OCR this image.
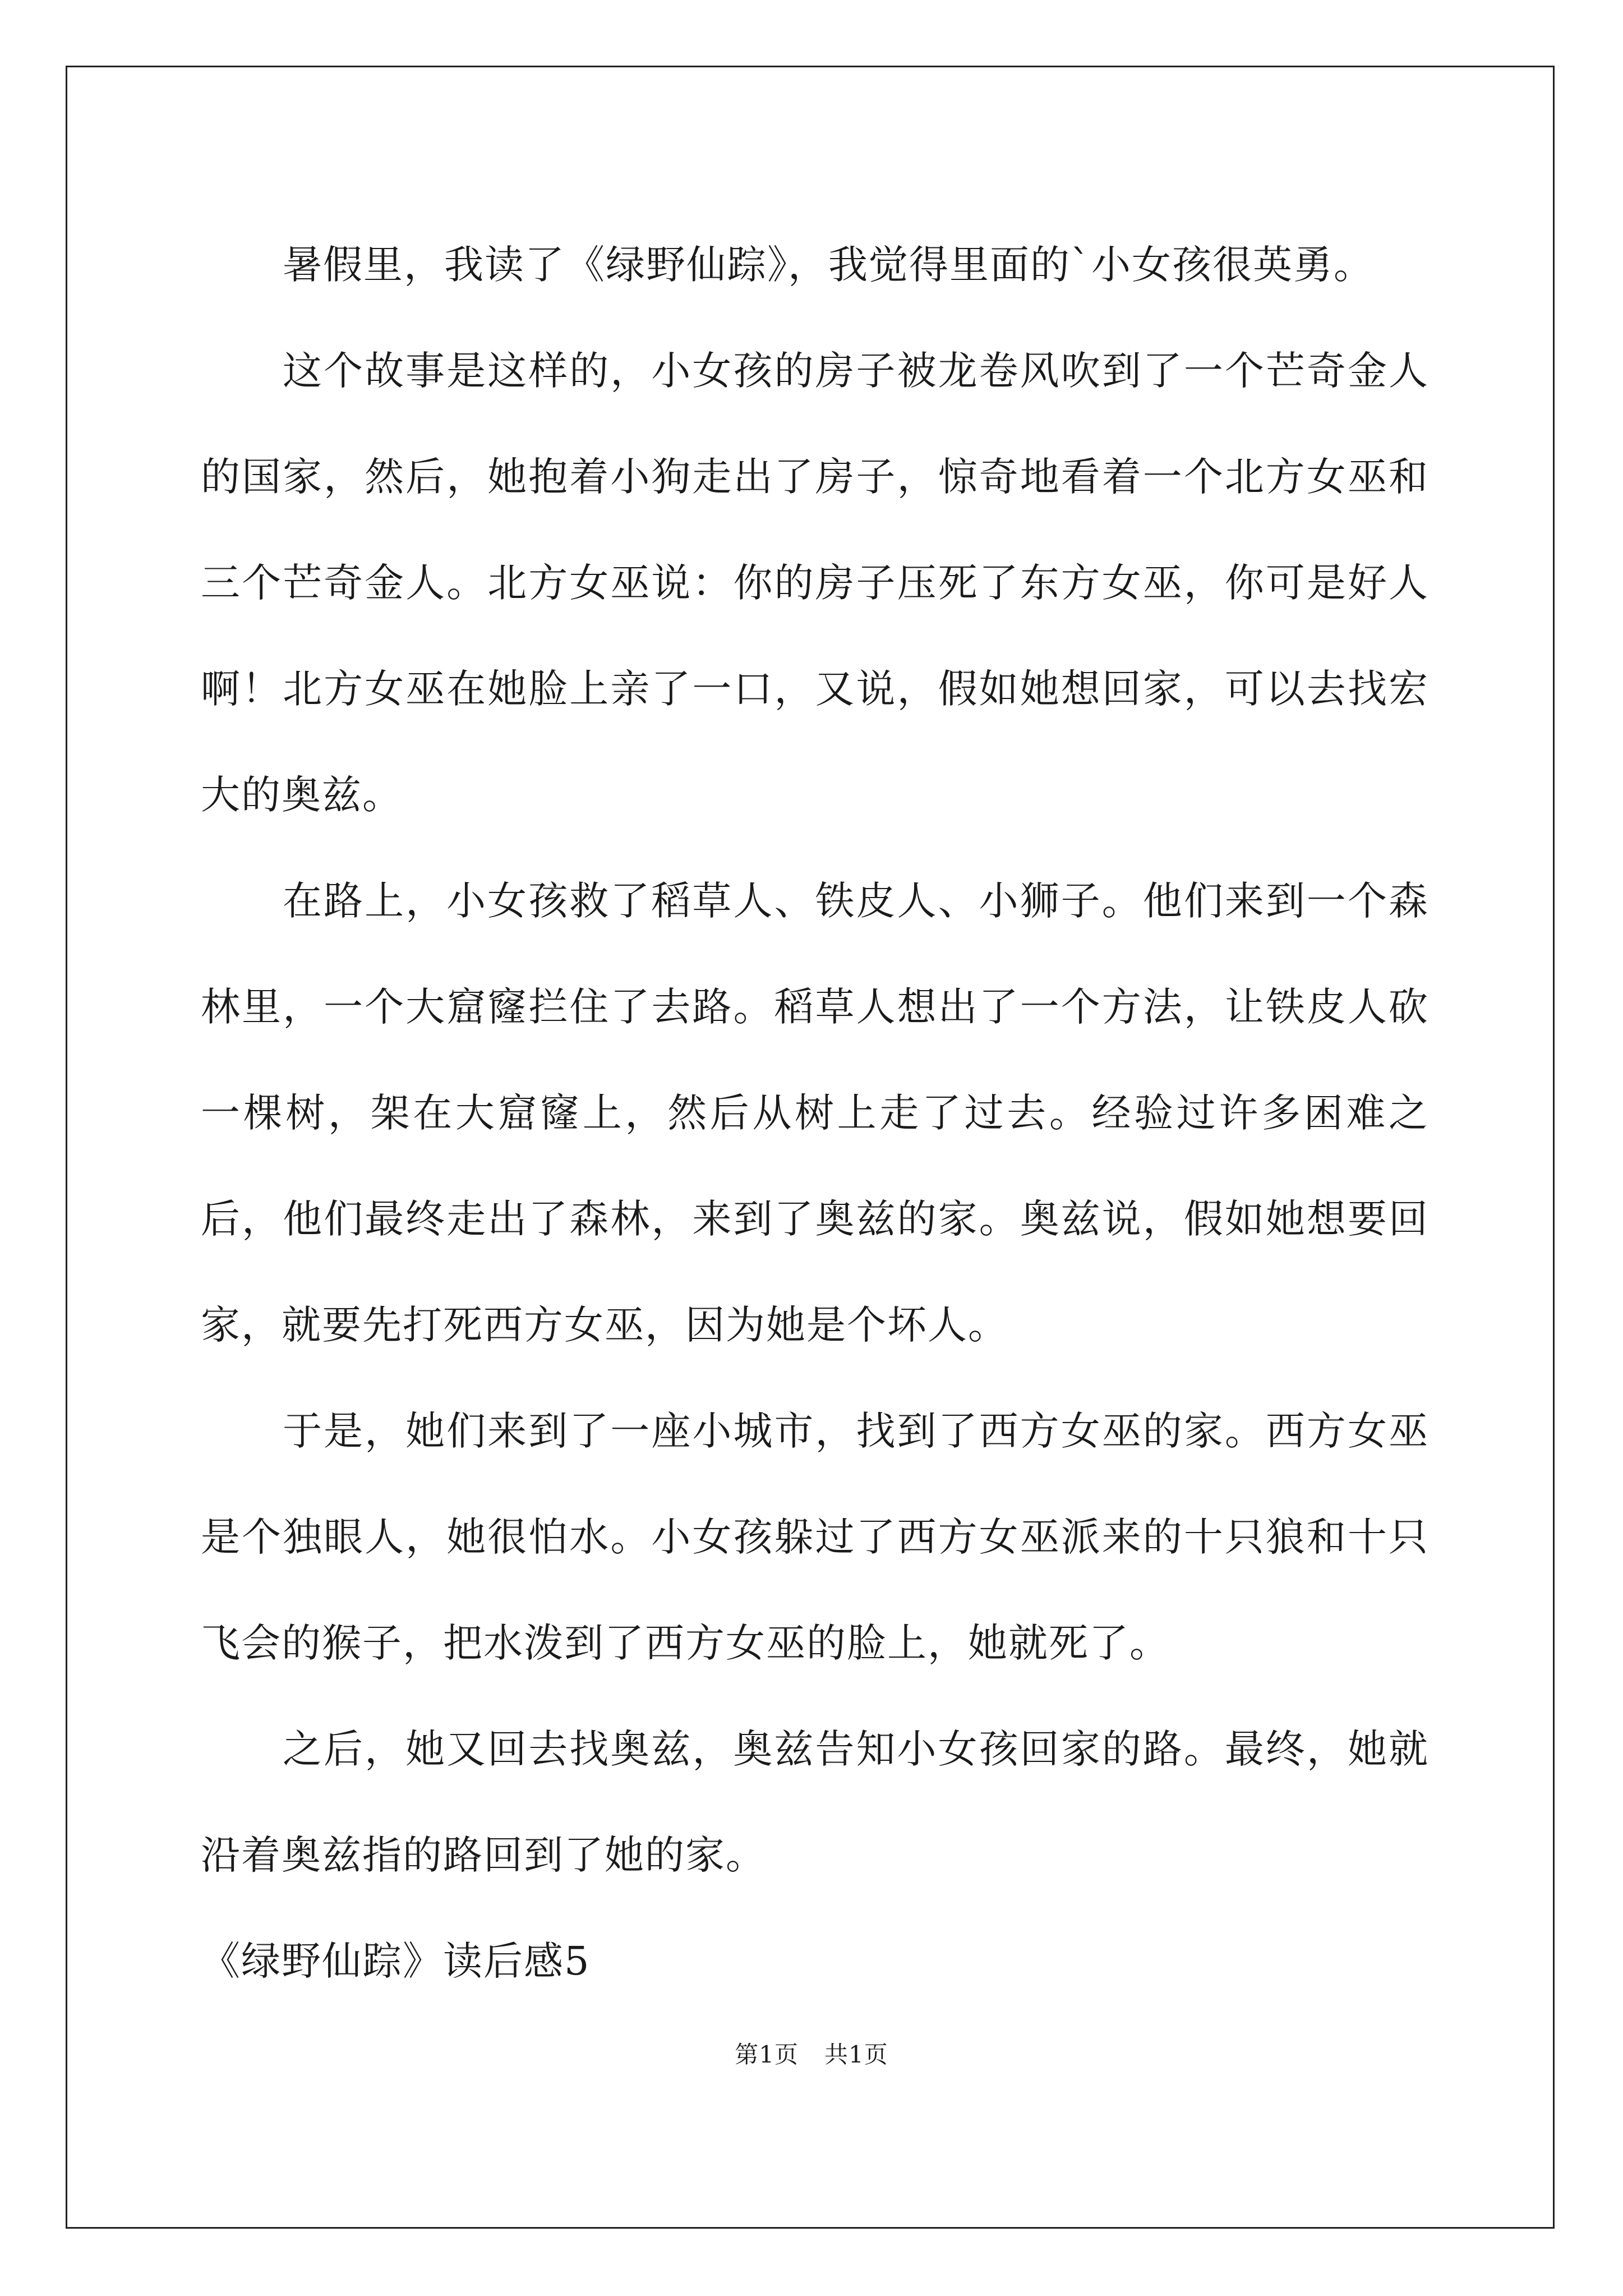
暑假里，我读了《绿野仙踪》，我觉得里面的`小女孩很英勇。

这个故事是这样的，小女孩的房子被龙卷风吹到了一个芒奇金人的国家，然后，她抱着小狗走出了房子，惊奇地看着一个北方女巫和三个芒奇金人。北方女巫说：你的房子压死了东方女巫，你可是好人啊！北方女巫在她脸上亲了一口，又说，假如她想回家，可以去找宏大的奥兹。

在路上，小女孩救了稻草人、铁皮人、小狮子。他们来到一个森林里，一个大窟窿拦住了去路。稻草人想出了一个方法，让铁皮人砍一棵树，架在大窟窿上，然后从树上走了过去。经验过许多困难之后，他们最终走出了森林，来到了奥兹的家。奥兹说，假如她想要回家，就要先打死西方女巫，因为她是个坏人。

于是，她们来到了一座小城市，找到了西方女巫的家。西方女巫是个独眼人，她很怕水。小女孩躲过了西方女巫派来的十只狼和十只飞会的猴子，把水泼到了西方女巫的脸上，她就死了。

之后，她又回去找奥兹，奥兹告知小女孩回家的路。最终，她就沿着奥兹指的路回到了她的家。

《绿野仙踪》读后感5

第1页 共1页
